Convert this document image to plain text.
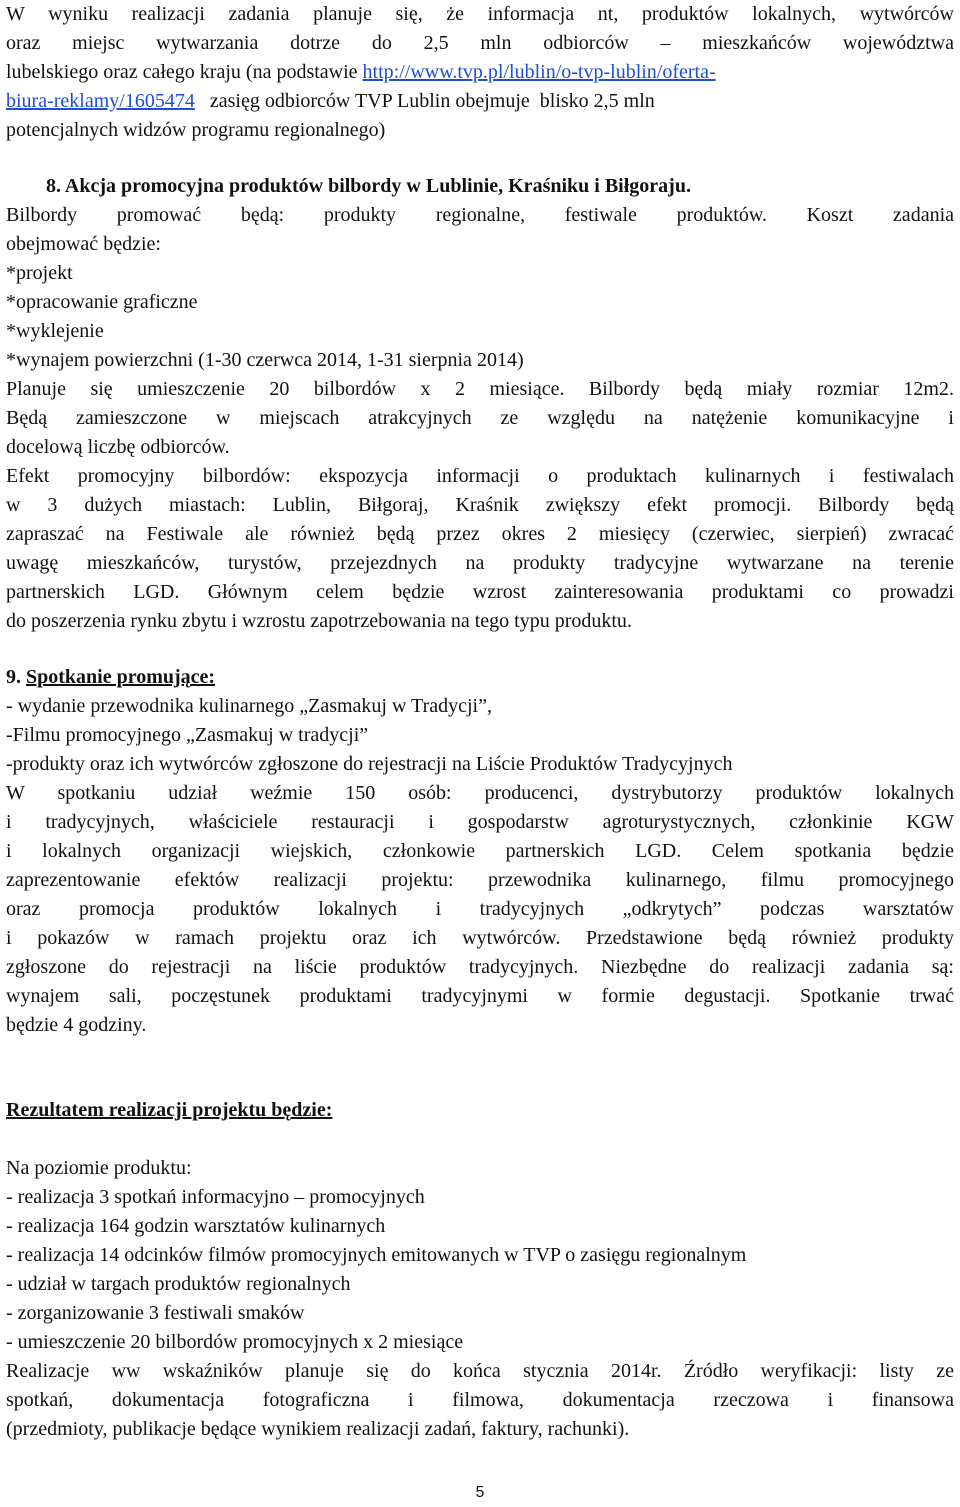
W wyniku realizacji zadania planuje się, że informacja nt, produktów lokalnych, wytwórców
oraz miejsc wytwarzania dotrze do 2,5 mln odbiorców – mieszkańców województwa
lubelskiego oraz całego kraju (na podstawie http://www.tvp.pl/lublin/o-tvp-lublin/oferta-
biura-reklamy/1605474   zasięg odbiorców TVP Lublin obejmuje  blisko 2,5 mln
potencjalnych widzów programu regionalnego)
8. Akcja promocyjna produktów bilbordy w Lublinie, Kraśniku i Biłgoraju.
Bilbordy promować będą: produkty regionalne, festiwale produktów. Koszt zadania
obejmować będzie:
*projekt
*opracowanie graficzne
*wyklejenie
*wynajem powierzchni (1-30 czerwca 2014, 1-31 sierpnia 2014)
Planuje się umieszczenie 20 bilbordów x 2 miesiące. Bilbordy będą miały rozmiar 12m2.
Będą zamieszczone w miejscach atrakcyjnych ze względu na natężenie komunikacyjne i
docelową liczbę odbiorców.
Efekt promocyjny bilbordów: ekspozycja informacji o produktach kulinarnych i festiwalach
w 3 dużych miastach: Lublin, Biłgoraj, Kraśnik zwiększy efekt promocji. Bilbordy będą
zapraszać na Festiwale ale również będą przez okres 2 miesięcy (czerwiec, sierpień) zwracać
uwagę mieszkańców, turystów, przejezdnych na produkty tradycyjne wytwarzane na terenie
partnerskich LGD. Głównym celem będzie wzrost zainteresowania produktami co prowadzi
do poszerzenia rynku zbytu i wzrostu zapotrzebowania na tego typu produktu.
9. Spotkanie promujące:
- wydanie przewodnika kulinarnego „Zasmakuj w Tradycji”,
-Filmu promocyjnego „Zasmakuj w tradycji”
-produkty oraz ich wytwórców zgłoszone do rejestracji na Liście Produktów Tradycyjnych
W spotkaniu udział weźmie 150 osób: producenci, dystrybutorzy produktów lokalnych
i tradycyjnych, właściciele restauracji i gospodarstw agroturystycznych, członkinie KGW
i lokalnych organizacji wiejskich, członkowie partnerskich LGD. Celem spotkania będzie
zaprezentowanie efektów realizacji projektu: przewodnika kulinarnego, filmu promocyjnego
oraz promocja produktów lokalnych i tradycyjnych „odkrytych” podczas warsztatów
i pokazów w ramach projektu oraz ich wytwórców. Przedstawione będą również produkty
zgłoszone do rejestracji na liście produktów tradycyjnych. Niezbędne do realizacji zadania są:
wynajem sali, poczęstunek produktami tradycyjnymi w formie degustacji. Spotkanie trwać
będzie 4 godziny.
Rezultatem realizacji projektu będzie:
Na poziomie produktu:
- realizacja 3 spotkań informacyjno – promocyjnych
- realizacja 164 godzin warsztatów kulinarnych
- realizacja 14 odcinków filmów promocyjnych emitowanych w TVP o zasięgu regionalnym
- udział w targach produktów regionalnych
- zorganizowanie 3 festiwali smaków
- umieszczenie 20 bilbordów promocyjnych x 2 miesiące
Realizacje ww wskaźników planuje się do końca stycznia 2014r. Źródło weryfikacji: listy ze
spotkań, dokumentacja fotograficzna i filmowa, dokumentacja rzeczowa i finansowa
(przedmioty, publikacje będące wynikiem realizacji zadań, faktury, rachunki).
5
